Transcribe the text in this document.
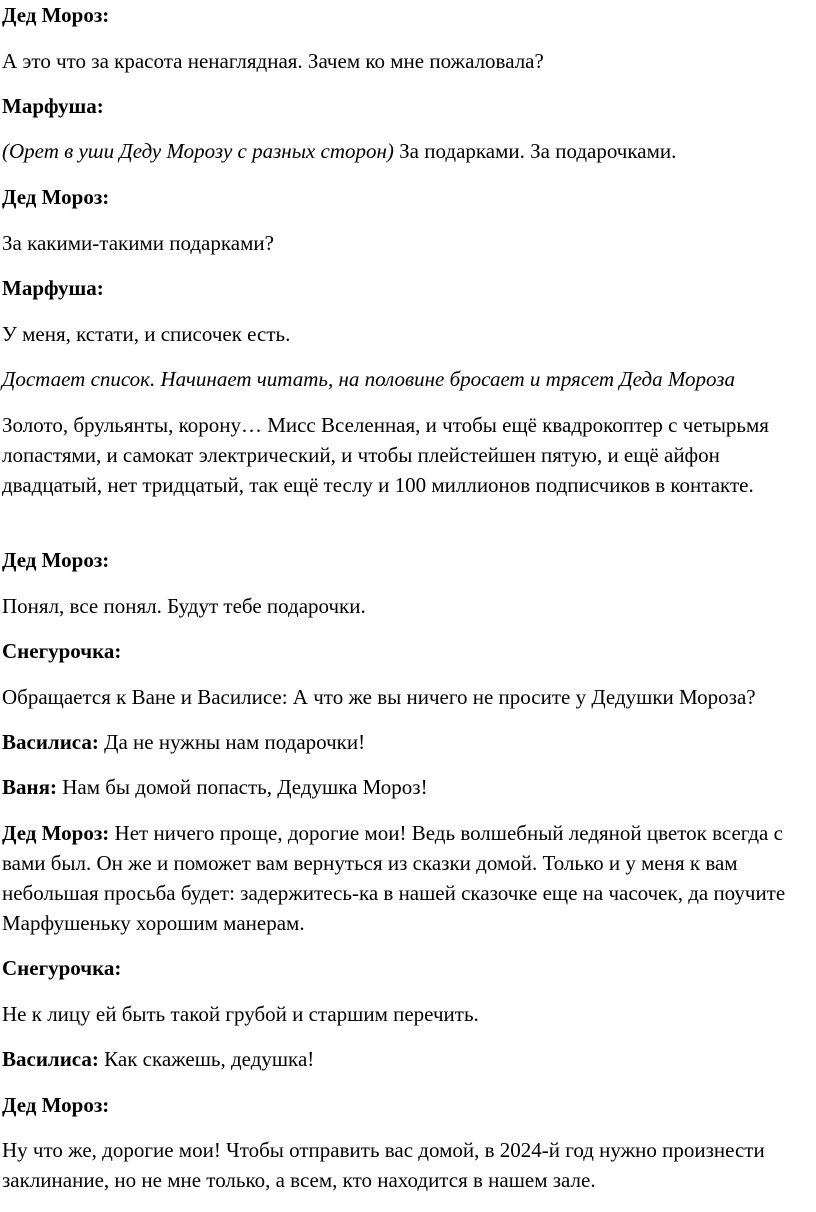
Дед Мороз:

А это что за красота ненаглядная. Зачем ко мне пожаловала?

Марфуша:

(Орет в уши Деду Морозу с разных сторон) За подарками. За подарочками.

Дед Мороз:

За какими-такими подарками?

Марфуша:

У меня, кстати, и списочек есть.

Достает список. Начинает читать, на половине бросает и трясет Деда Мороза

Золото, брульянты, корону… Мисс Вселенная, и чтобы ещё квадрокоптер с четырьмя лопастями, и самокат электрический, и чтобы плейстейшен пятую, и ещё айфон двадцатый, нет тридцатый, так ещё теслу и 100 миллионов подписчиков в контакте.

Дед Мороз:

Понял, все понял. Будут тебе подарочки.

Снегурочка:

Обращается к Ване и Василисе: А что же вы ничего не просите у Дедушки Мороза?

Василиса: Да не нужны нам подарочки!

Ваня: Нам бы домой попасть, Дедушка Мороз!

Дед Мороз: Нет ничего проще, дорогие мои! Ведь волшебный ледяной цветок всегда с вами был. Он же и поможет вам вернуться из сказки домой. Только и у меня к вам небольшая просьба будет: задержитесь-ка в нашей сказочке еще на часочек, да поучите Марфушеньку хорошим манерам.

Снегурочка:

Не к лицу ей быть такой грубой и старшим перечить.

Василиса: Как скажешь, дедушка!

Дед Мороз:

Ну что же, дорогие мои! Чтобы отправить вас домой, в 2024-й год нужно произнести заклинание, но не мне только, а всем, кто находится в нашем зале.
